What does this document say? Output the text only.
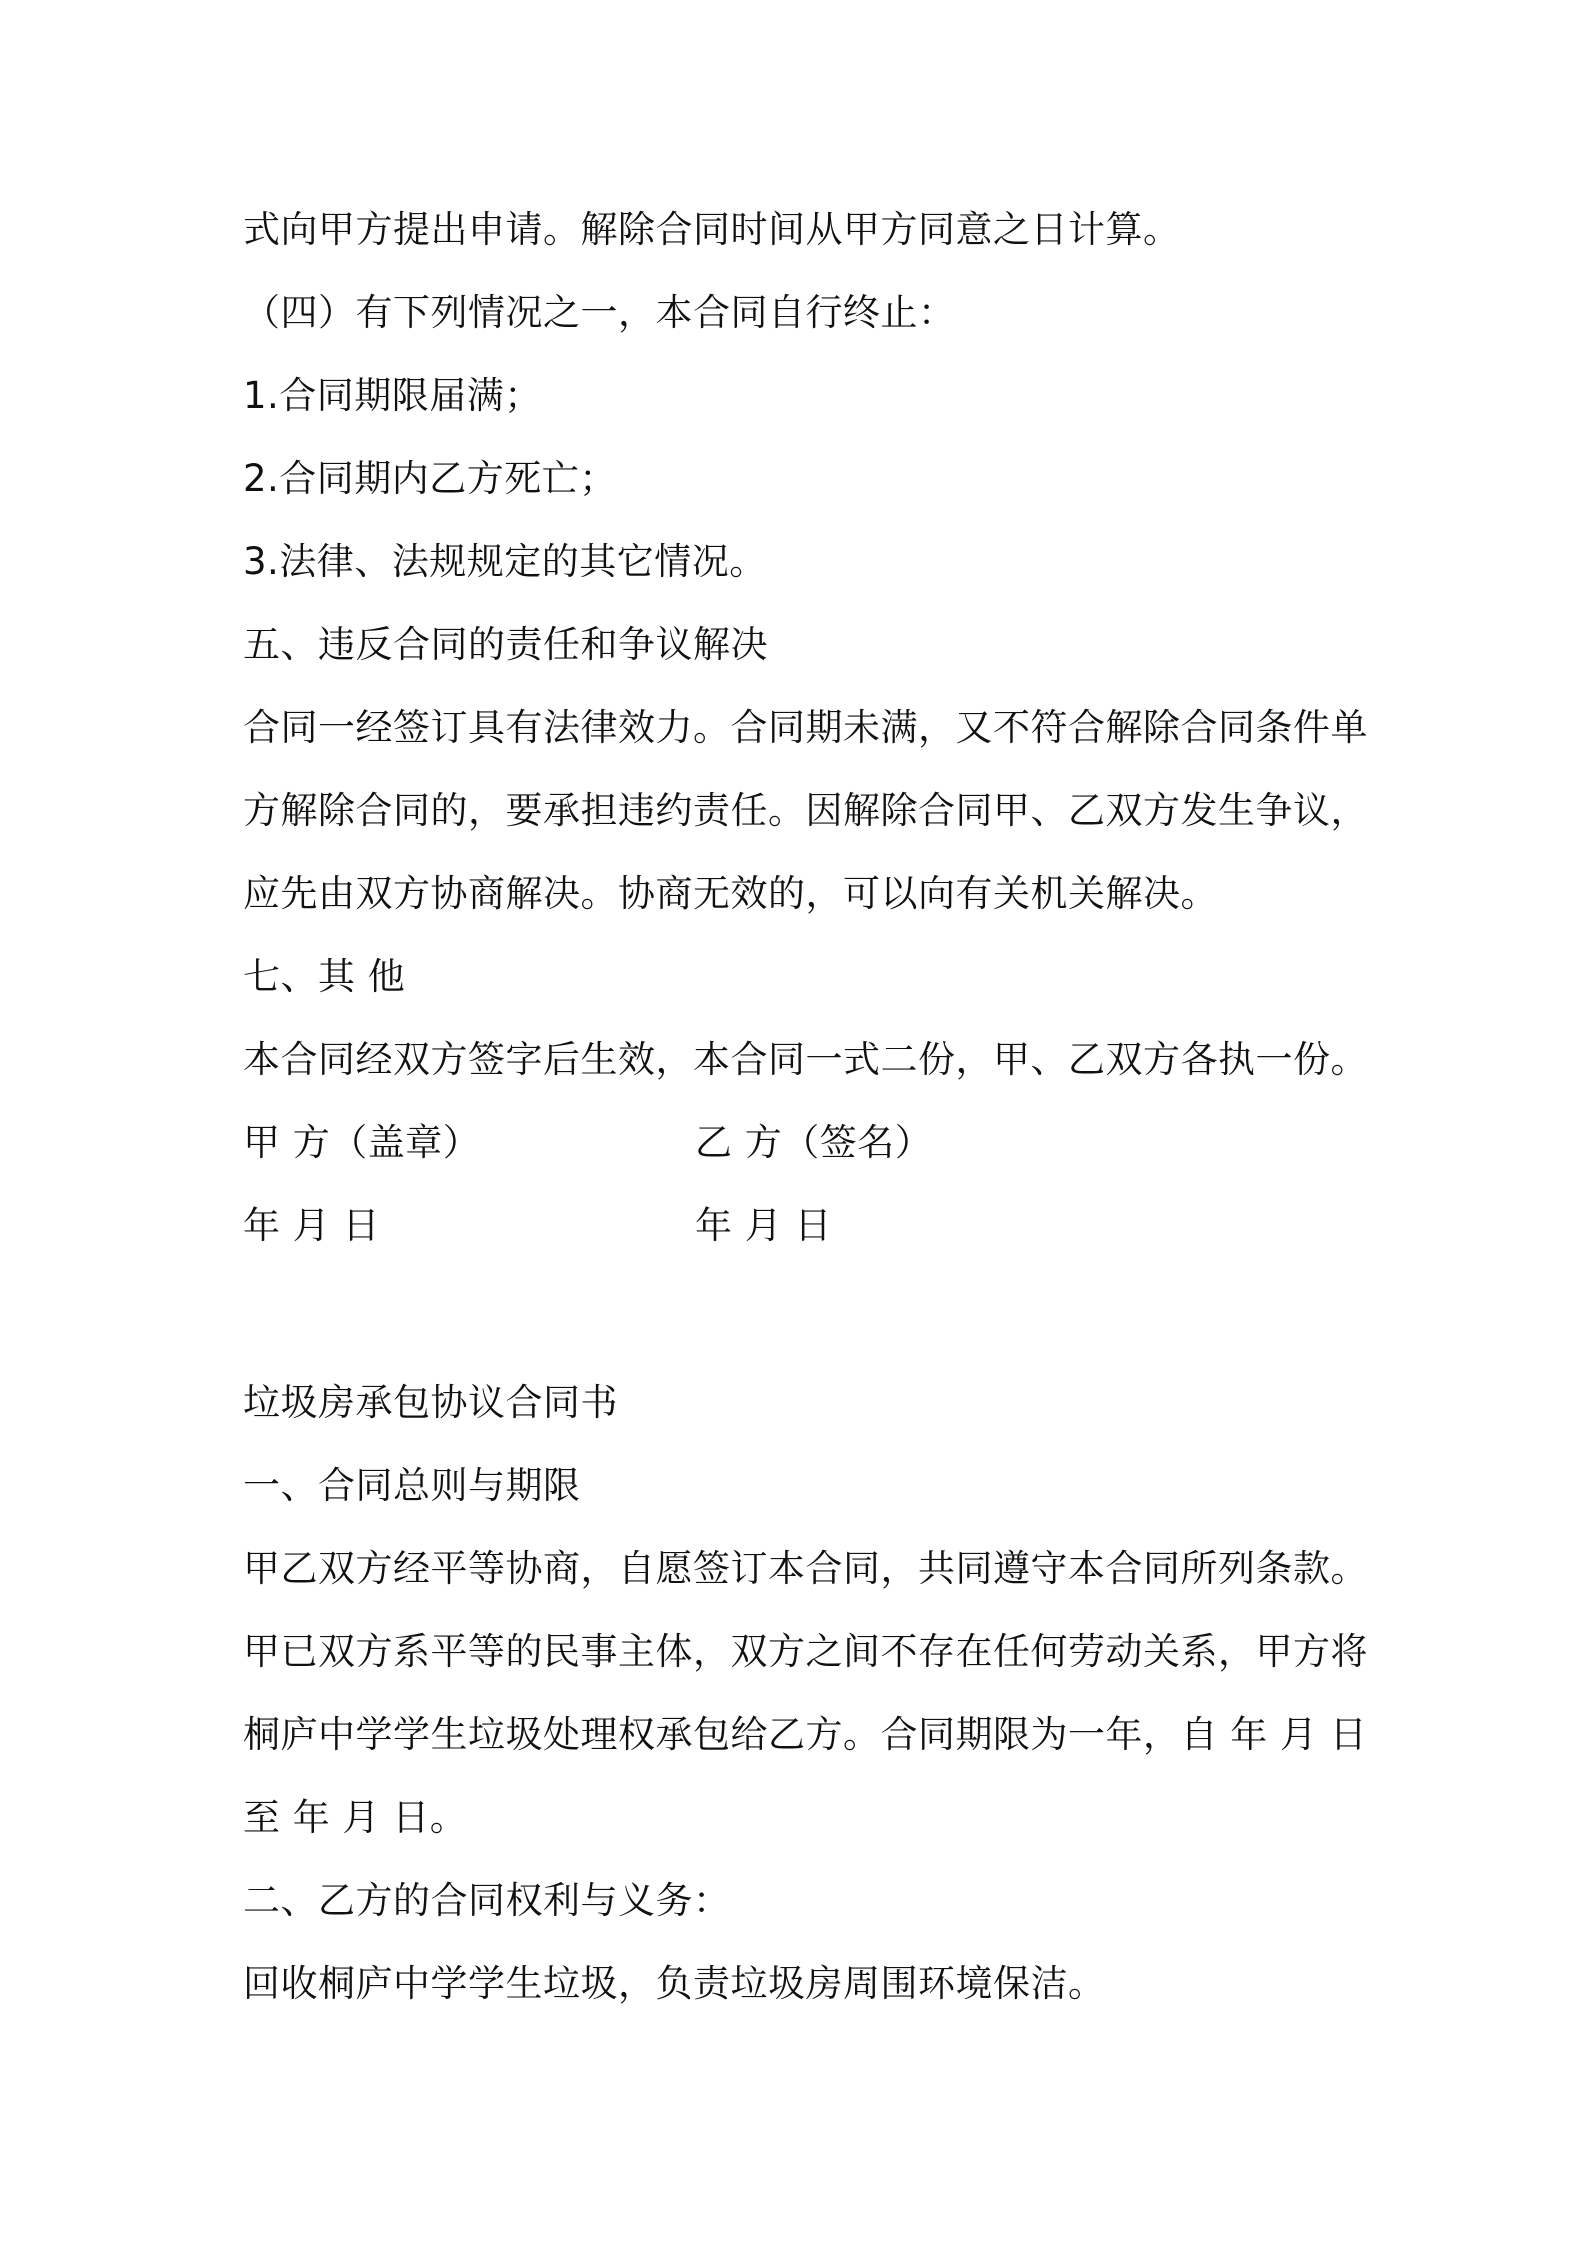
式向甲方提出申请。解除合同时间从甲方同意之日计算。
（四）有下列情况之一，本合同自行终止：
1.合同期限届满；
2.合同期内乙方死亡；
3.法律、法规规定的其它情况。
五、违反合同的责任和争议解决
合同一经签订具有法律效力。合同期未满，又不符合解除合同条件单
方解除合同的，要承担违约责任。因解除合同甲、乙双方发生争议，
应先由双方协商解决。协商无效的，可以向有关机关解决。
七、其 他
本合同经双方签字后生效，本合同一式二份，甲、乙双方各执一份。
甲 方（盖章）	乙 方（签名）
年 月 日	年 月 日
垃圾房承包协议合同书
一、合同总则与期限
甲乙双方经平等协商，自愿签订本合同，共同遵守本合同所列条款。
甲已双方系平等的民事主体，双方之间不存在任何劳动关系，甲方将
桐庐中学学生垃圾处理权承包给乙方。合同期限为一年，自 年 月 日
至 年 月 日。
二、乙方的合同权利与义务：
回收桐庐中学学生垃圾，负责垃圾房周围环境保洁。
